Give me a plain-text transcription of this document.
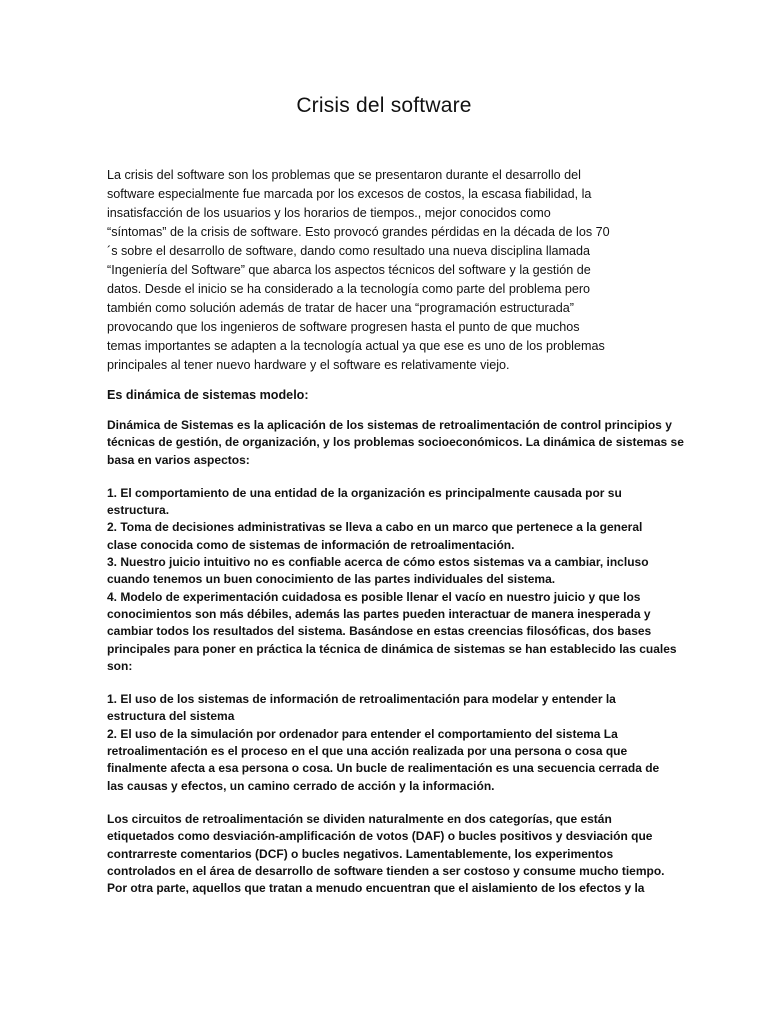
Crisis del software
La crisis del software son los problemas que se presentaron durante el desarrollo del
software especialmente fue marcada por los excesos de costos, la escasa fiabilidad, la
insatisfacción de los usuarios y los horarios de tiempos., mejor conocidos como
“síntomas” de la crisis de software. Esto provocó grandes pérdidas en la década de los 70
´s sobre el desarrollo de software, dando como resultado una nueva disciplina llamada
“Ingeniería del Software” que abarca los aspectos técnicos del software y la gestión de
datos. Desde el inicio se ha considerado a la tecnología como parte del problema pero
también como solución además de tratar de hacer una “programación estructurada”
provocando que los ingenieros de software progresen hasta el punto de que muchos
temas importantes se adapten a la tecnología actual ya que ese es uno de los problemas
principales al tener nuevo hardware y el software es relativamente viejo.
Es dinámica de sistemas modelo:
Dinámica de Sistemas es la aplicación de los sistemas de retroalimentación de control principios y
técnicas de gestión, de organización, y los problemas socioeconómicos. La dinámica de sistemas se
basa en varios aspectos:
1. El comportamiento de una entidad de la organización es principalmente causada por su
estructura.
2. Toma de decisiones administrativas se lleva a cabo en un marco que pertenece a la general
clase conocida como de sistemas de información de retroalimentación.
3. Nuestro juicio intuitivo no es confiable acerca de cómo estos sistemas va a cambiar, incluso
cuando tenemos un buen conocimiento de las partes individuales del sistema.
4. Modelo de experimentación cuidadosa es posible llenar el vacío en nuestro juicio y que los
conocimientos son más débiles, además las partes pueden interactuar de manera inesperada y
cambiar todos los resultados del sistema. Basándose en estas creencias filosóficas, dos bases
principales para poner en práctica la técnica de dinámica de sistemas se han establecido las cuales
son:
1. El uso de los sistemas de información de retroalimentación para modelar y entender la
estructura del sistema
2. El uso de la simulación por ordenador para entender el comportamiento del sistema La
retroalimentación es el proceso en el que una acción realizada por una persona o cosa que
finalmente afecta a esa persona o cosa. Un bucle de realimentación es una secuencia cerrada de
las causas y efectos, un camino cerrado de acción y la información.
Los circuitos de retroalimentación se dividen naturalmente en dos categorías, que están
etiquetados como desviación-amplificación de votos (DAF) o bucles positivos y desviación que
contrarreste comentarios (DCF) o bucles negativos. Lamentablemente, los experimentos
controlados en el área de desarrollo de software tienden a ser costoso y consume mucho tiempo.
Por otra parte, aquellos que tratan a menudo encuentran que el aislamiento de los efectos y la
